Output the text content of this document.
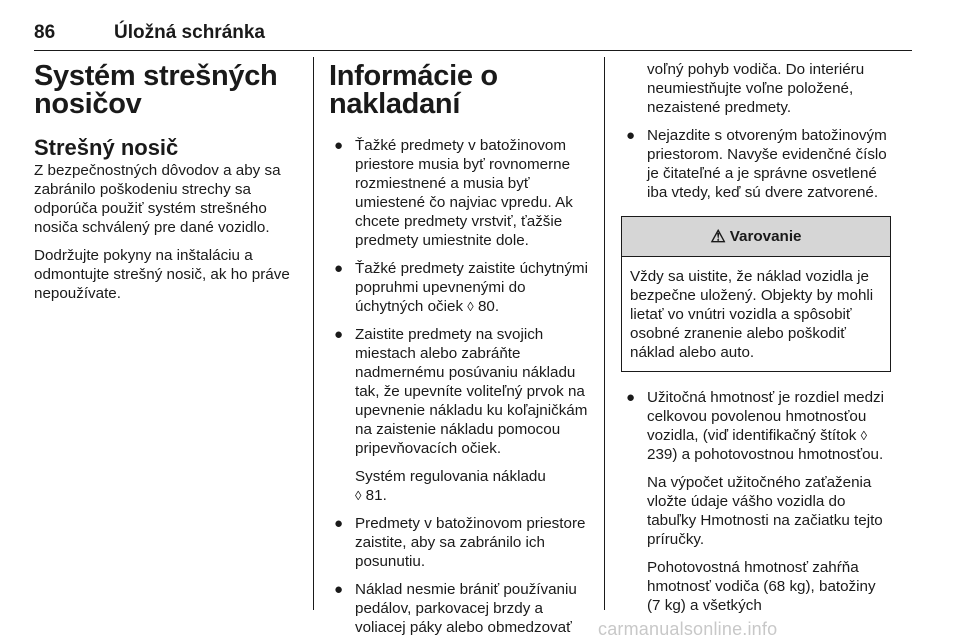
86	Úložná schránka
Systém strešných nosičov
Strešný nosič

Z bezpečnostných dôvodov a aby sa zabránilo poškodeniu strechy sa odporúča použiť systém strešného nosiča schválený pre dané vozidlo.

Dodržujte pokyny na inštaláciu a odmontujte strešný nosič, ak ho práve nepoužívate.

Informácie o nakladaní
● Ťažké predmety v batožinovom priestore musia byť rovnomerne rozmiestnené a musia byť umiestené čo najviac vpredu. Ak chcete predmety vrstviť, ťažšie predmety umiestnite dole.
● Ťažké predmety zaistite úchytnými popruhmi upevnenými do úchytných očiek ◊ 80.
● Zaistite predmety na svojich miestach alebo zabráňte nadmernému posúvaniu nákladu tak, že upevníte voliteľný prvok na upevnenie nákladu ku koľajničkám na zaistenie nákladu pomocou pripevňovacích očiek.
Systém regulovania nákladu
◊ 81.
● Predmety v batožinovom priestore zaistite, aby sa zabránilo ich posunutiu.
● Náklad nesmie brániť používaniu pedálov, parkovacej brzdy a voliacej páky alebo obmedzovať

voľný pohyb vodiča. Do interiéru neumiestňujte voľne položené, nezaistené predmety.

● Nejazdite s otvoreným batožinovým priestorom. Navyše evidenčné číslo je čitateľné a je správne osvetlené iba vtedy, keď sú dvere zatvorené.
⚠ Varovanie
Vždy sa uistite, že náklad vozidla je bezpečne uložený. Objekty by mohli lietať vo vnútri vozidla a spôsobiť osobné zranenie alebo poškodiť náklad alebo auto.
● Užitočná hmotnosť je rozdiel medzi celkovou povolenou hmotnosťou vozidla, (viď identifikačný štítok ◊ 239) a pohotovostnou hmotnosťou.
Na výpočet užitočného zaťaženia vložte údaje vášho vozidla do tabuľky Hmotnosti na začiatku tejto príručky.
Pohotovostná hmotnosť zahŕňa hmotnosť vodiča (68 kg), batožiny (7 kg) a všetkých
carmanualsonline.info
